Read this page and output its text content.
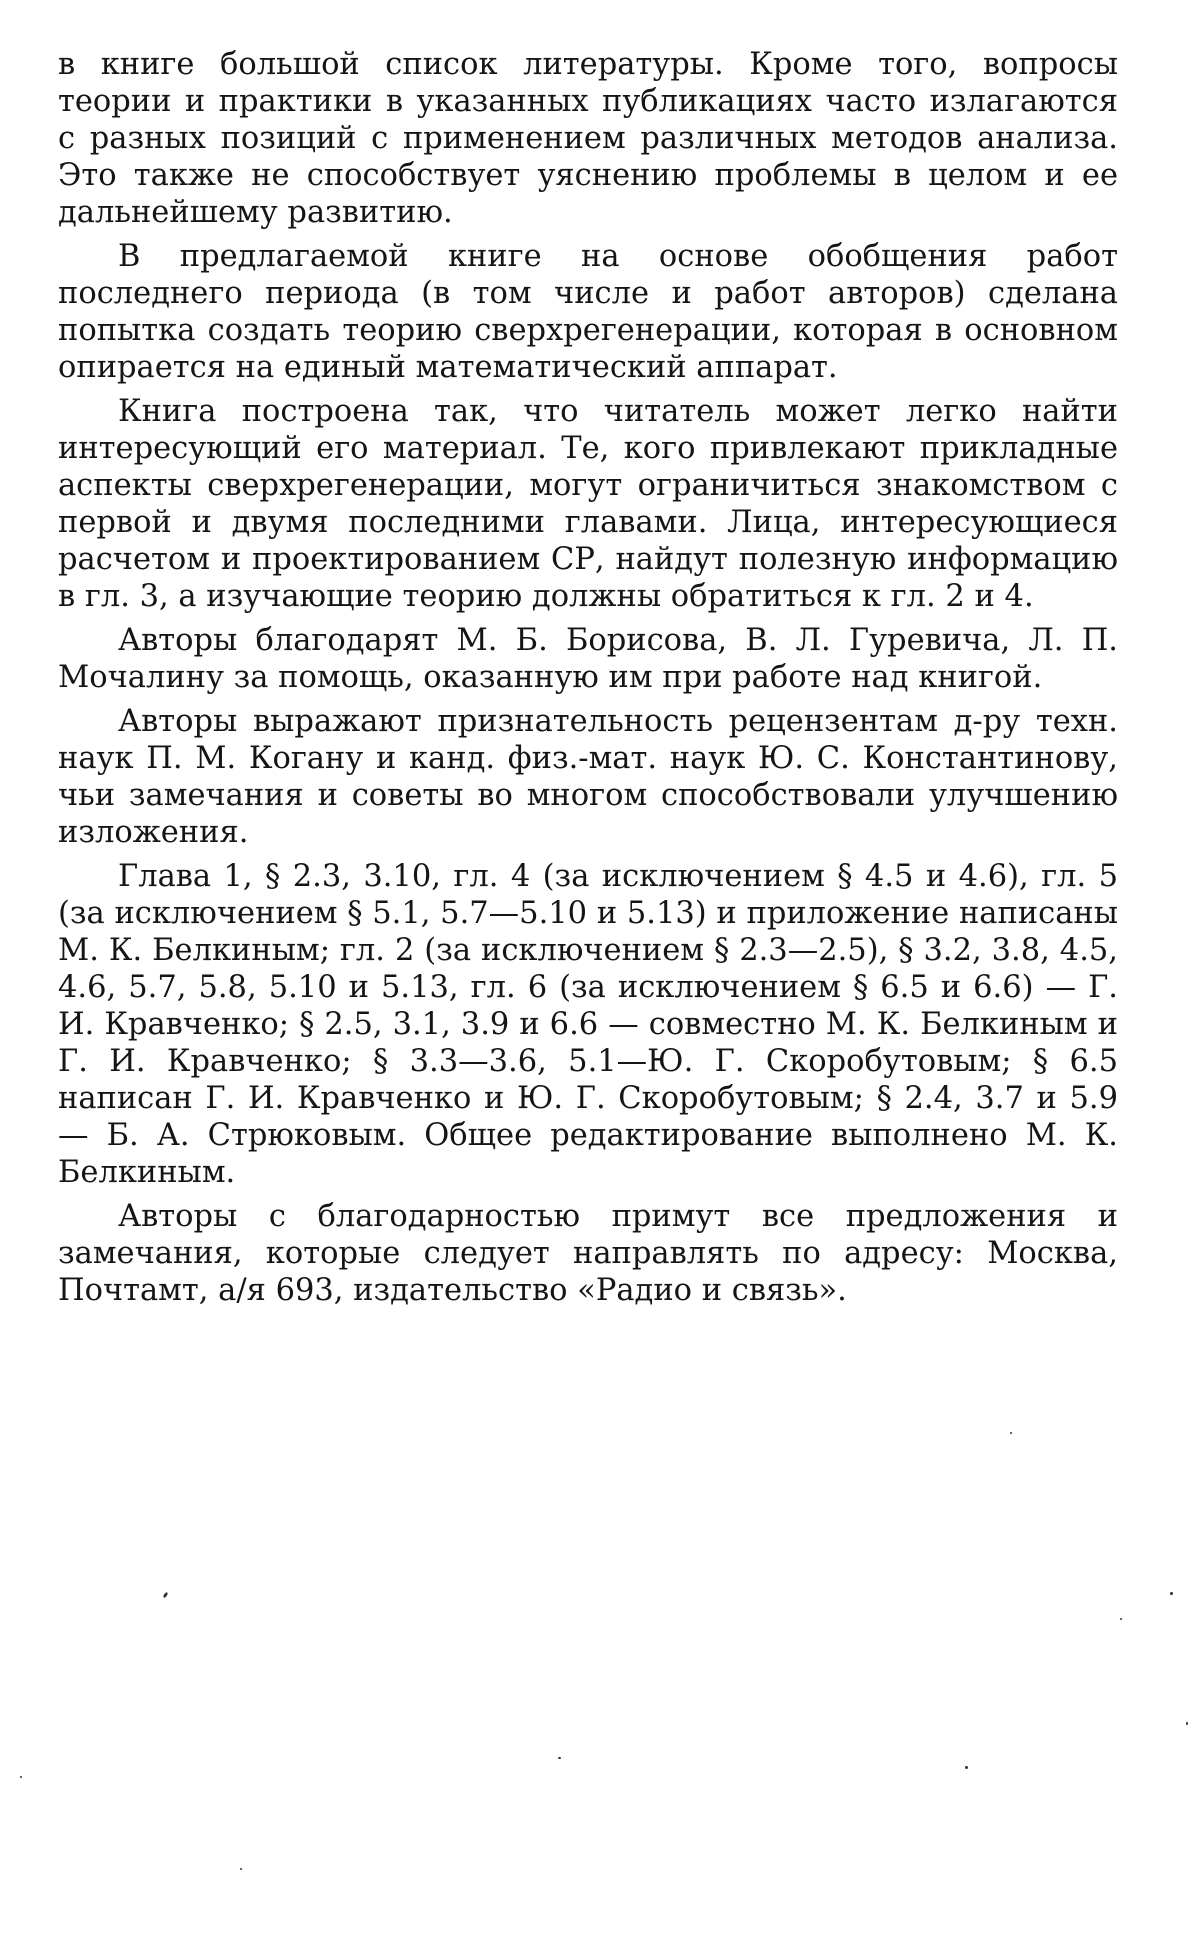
в книге большой список литературы. Кроме того, вопросы теории и практики в указанных публикациях часто излагаются с разных позиций с применением различных методов анализа. Это также не способствует уяснению проблемы в целом и ее дальнейшему развитию.

В предлагаемой книге на основе обобщения работ последнего периода (в том числе и работ авторов) сделана попытка создать теорию сверхрегенерации, которая в основном опирается на единый математический аппарат.

Книга построена так, что читатель может легко найти интересующий его материал. Те, кого привлекают прикладные аспекты сверхрегенерации, могут ограничиться знакомством с первой и двумя последними главами. Лица, интересующиеся расчетом и проектированием СР, найдут полезную информацию в гл. 3, а изучающие теорию должны обратиться к гл. 2 и 4.

Авторы благодарят М. Б. Борисова, В. Л. Гуревича, Л. П. Мочалину за помощь, оказанную им при работе над книгой.

Авторы выражают признательность рецензентам д-ру техн. наук П. М. Когану и канд. физ.-мат. наук Ю. С. Константинову, чьи замечания и советы во многом способствовали улучшению изложения.

Глава 1, § 2.3, 3.10, гл. 4 (за исключением § 4.5 и 4.6), гл. 5 (за исключением § 5.1, 5.7—5.10 и 5.13) и приложение написаны М. К. Белкиным; гл. 2 (за исключением § 2.3—2.5), § 3.2, 3.8, 4.5, 4.6, 5.7, 5.8, 5.10 и 5.13, гл. 6 (за исключением § 6.5 и 6.6) — Г. И. Кравченко; § 2.5, 3.1, 3.9 и 6.6 — совместно М. К. Белкиным и Г. И. Кравченко; § 3.3—3.6, 5.1—Ю. Г. Скоробутовым; § 6.5 написан Г. И. Кравченко и Ю. Г. Скоробутовым; § 2.4, 3.7 и 5.9 — Б. А. Стрюковым. Общее редактирование выполнено М. К. Белкиным.

Авторы с благодарностью примут все предложения и замечания, которые следует направлять по адресу: Москва, Почтамт, а/я 693, издательство «Радио и связь».
